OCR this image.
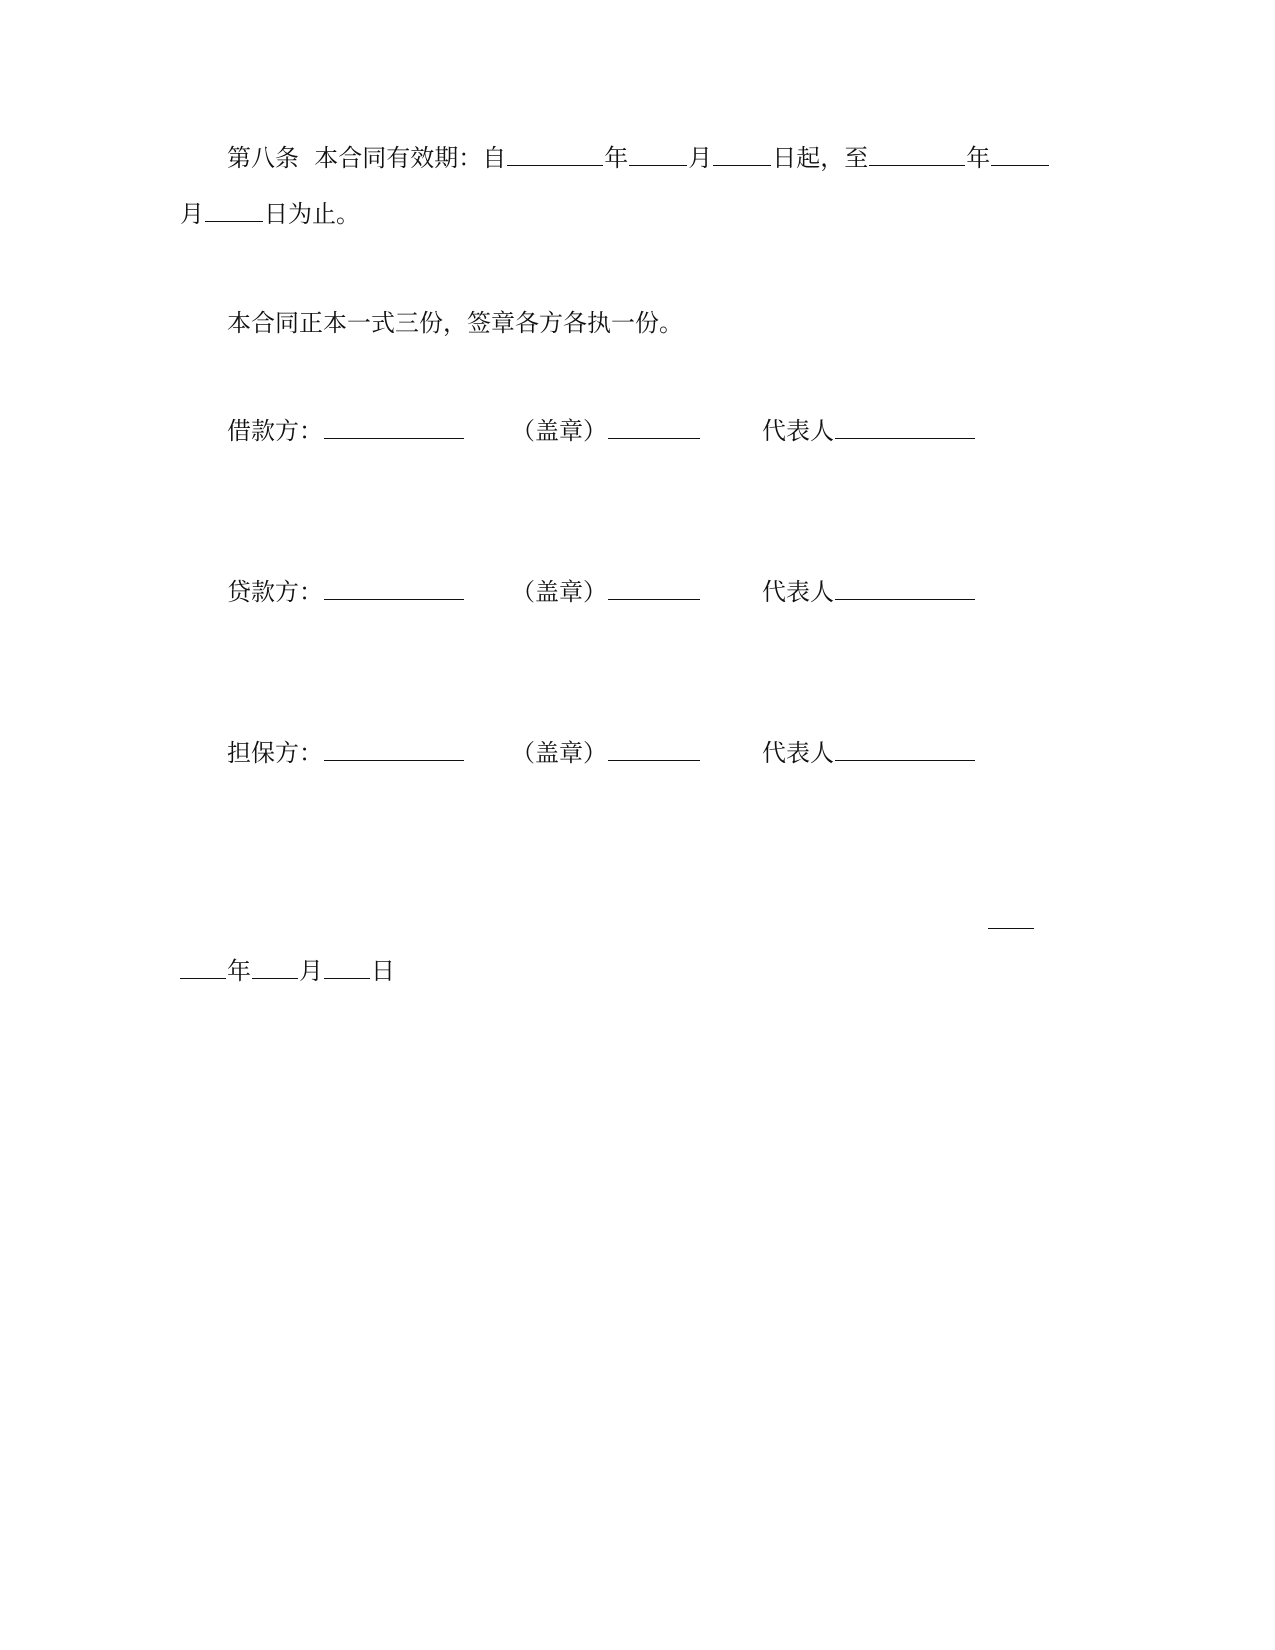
第八条 本合同有效期：自	年	月	日起，至	年
月	日为止。
本合同正本一式三份，签章各方各执一份。
借款方：	（盖章）	代表人
贷款方：	（盖章）	代表人
担保方：	（盖章）	代表人
年 月 日
